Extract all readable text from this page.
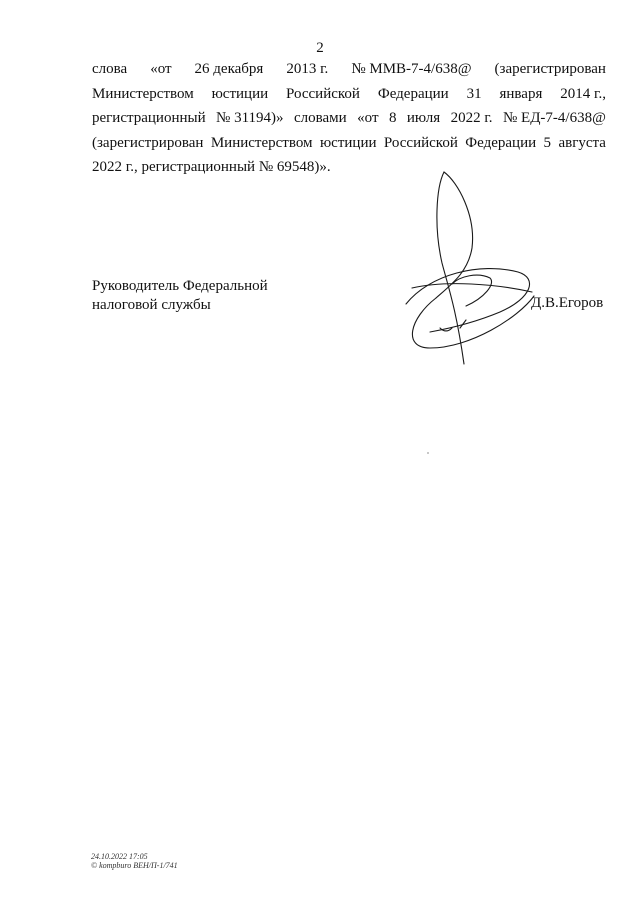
2
слова «от 26 декабря 2013 г. № ММВ-7-4/638@ (зарегистрирован
Министерством юстиции Российской Федерации 31 января 2014 г.,
регистрационный № 31194)» словами «от 8 июля 2022 г. № ЕД-7-4/638@
(зарегистрирован Министерством юстиции Российской Федерации 5 августа
2022 г., регистрационный № 69548)».
Руководитель Федеральной
налоговой службы	Д.В.Егоров
24.10.2022 17:05
© kompburo ВЕН/П-1/741
